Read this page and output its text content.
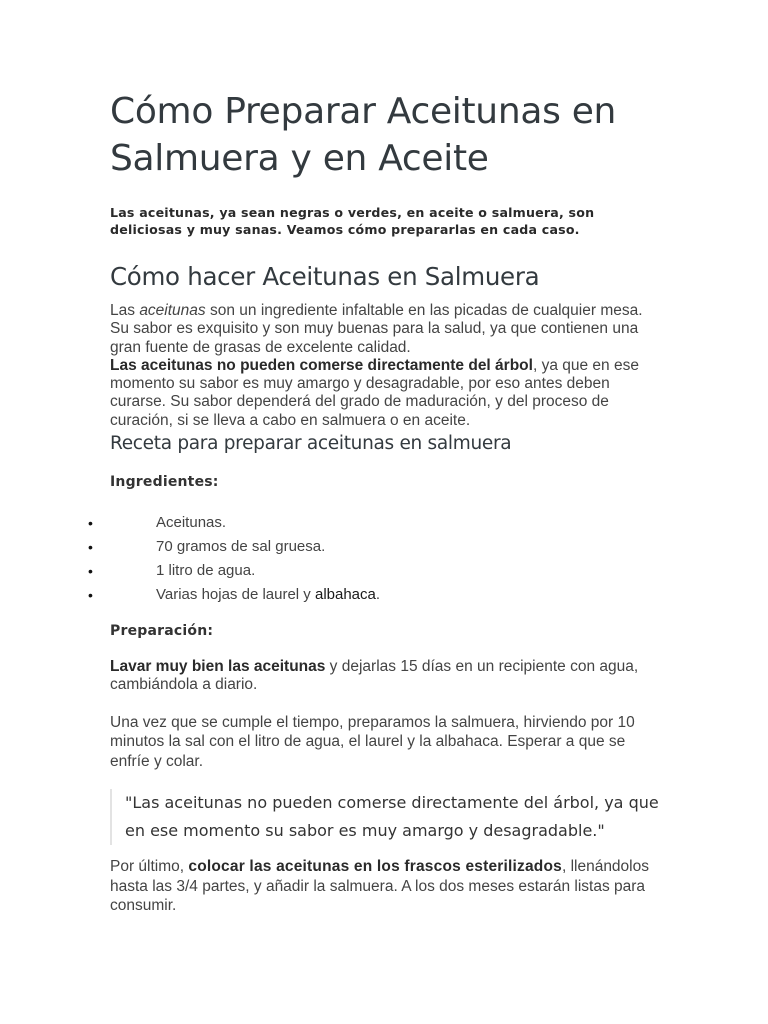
Cómo Preparar Aceitunas en Salmuera y en Aceite

Las aceitunas, ya sean negras o verdes, en aceite o salmuera, son deliciosas y muy sanas. Veamos cómo prepararlas en cada caso.

Cómo hacer Aceitunas en Salmuera

Las aceitunas son un ingrediente infaltable en las picadas de cualquier mesa. Su sabor es exquisito y son muy buenas para la salud, ya que contienen una gran fuente de grasas de excelente calidad.

Las aceitunas no pueden comerse directamente del árbol, ya que en ese momento su sabor es muy amargo y desagradable, por eso antes deben curarse. Su sabor dependerá del grado de maduración, y del proceso de curación, si se lleva a cabo en salmuera o en aceite.

Receta para preparar aceitunas en salmuera
Ingredientes:
•	Aceitunas.
•	70 gramos de sal gruesa.
•	1 litro de agua.
•	Varias hojas de laurel y albahaca.
Preparación:

Lavar muy bien las aceitunas y dejarlas 15 días en un recipiente con agua, cambiándola a diario.

Una vez que se cumple el tiempo, preparamos la salmuera, hirviendo por 10 minutos la sal con el litro de agua, el laurel y la albahaca. Esperar a que se enfríe y colar.

"Las aceitunas no pueden comerse directamente del árbol, ya que en ese momento su sabor es muy amargo y desagradable."

Por último, colocar las aceitunas en los frascos esterilizados, llenándolos hasta las 3/4 partes, y añadir la salmuera. A los dos meses estarán listas para consumir.
